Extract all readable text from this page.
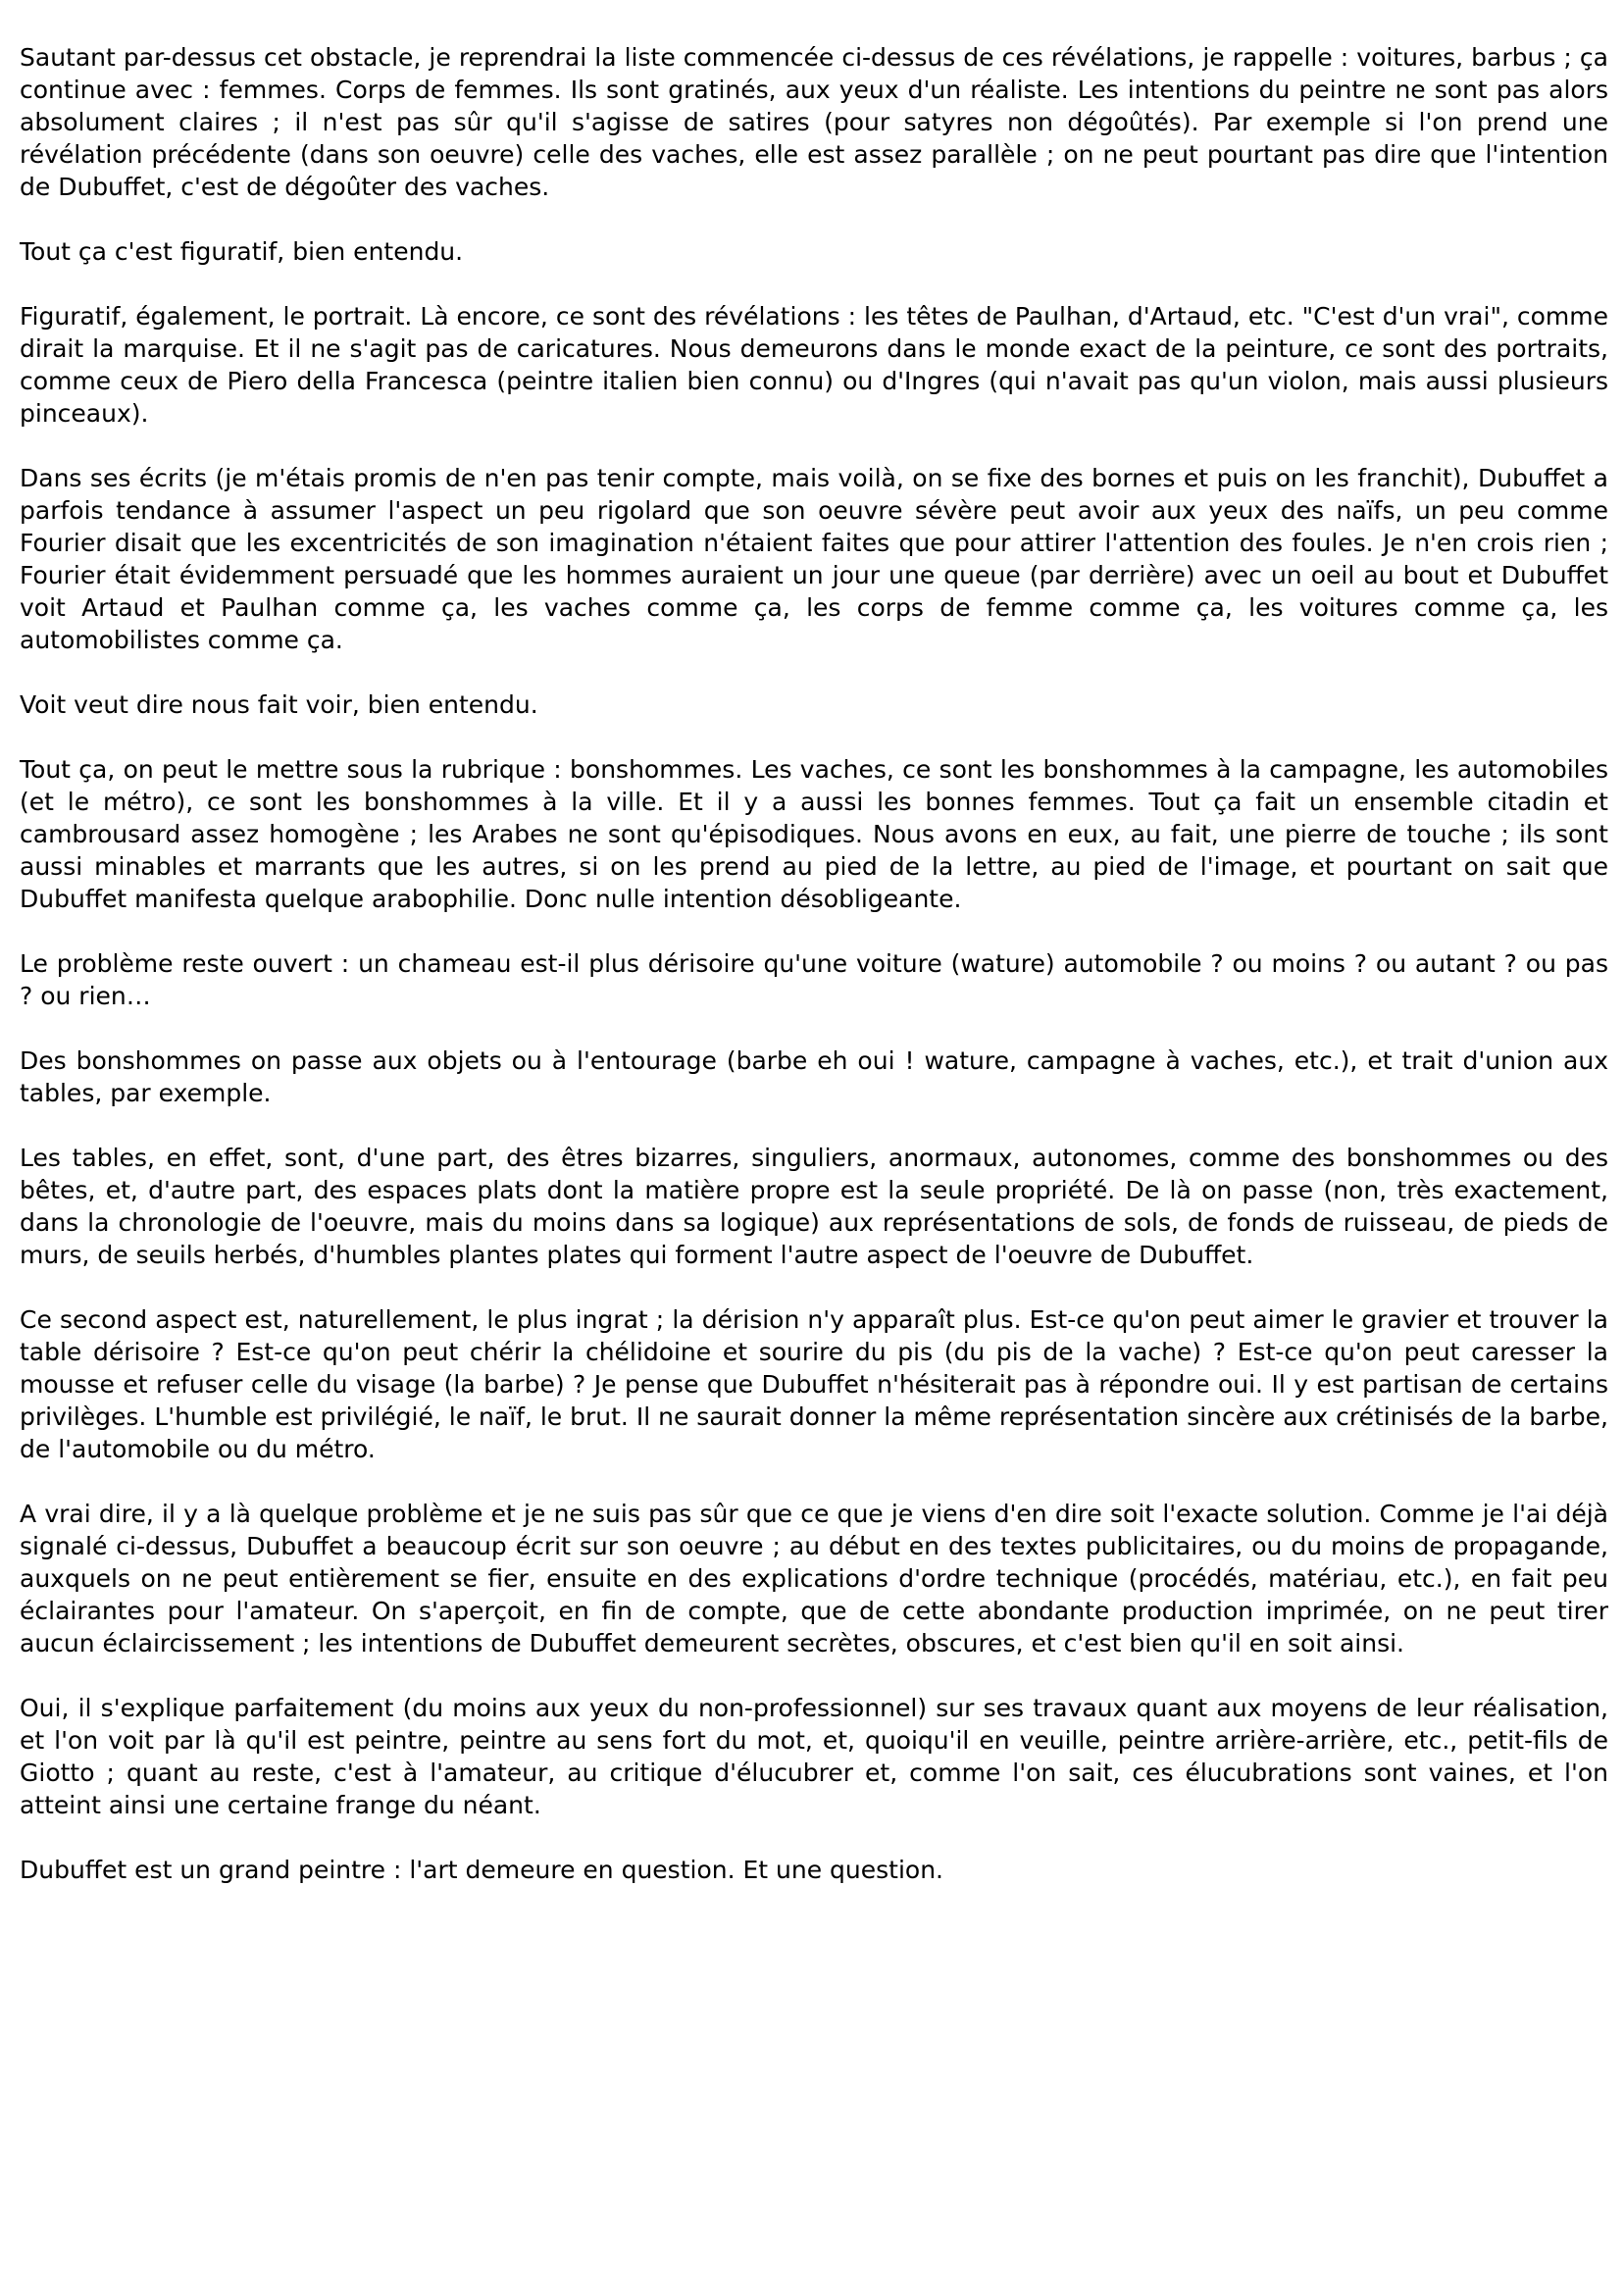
Sautant par-dessus cet obstacle, je reprendrai la liste commencée ci-dessus de ces révélations, je rappelle : voitures, barbus ; ça continue avec : femmes. Corps de femmes. Ils sont gratinés, aux yeux d'un réaliste. Les intentions du peintre ne sont pas alors absolument claires ; il n'est pas sûr qu'il s'agisse de satires (pour satyres non dégoûtés). Par exemple si l'on prend une révélation précédente (dans son oeuvre) celle des vaches, elle est assez parallèle ; on ne peut pourtant pas dire que l'intention de Dubuffet, c'est de dégoûter des vaches.

Tout ça c'est figuratif, bien entendu.

Figuratif, également, le portrait. Là encore, ce sont des révélations : les têtes de Paulhan, d'Artaud, etc. "C'est d'un vrai", comme dirait la marquise. Et il ne s'agit pas de caricatures. Nous demeurons dans le monde exact de la peinture, ce sont des portraits, comme ceux de Piero della Francesca (peintre italien bien connu) ou d'Ingres (qui n'avait pas qu'un violon, mais aussi plusieurs pinceaux).

Dans ses écrits (je m'étais promis de n'en pas tenir compte, mais voilà, on se fixe des bornes et puis on les franchit), Dubuffet a parfois tendance à assumer l'aspect un peu rigolard que son oeuvre sévère peut avoir aux yeux des naïfs, un peu comme Fourier disait que les excentricités de son imagination n'étaient faites que pour attirer l'attention des foules. Je n'en crois rien ; Fourier était évidemment persuadé que les hommes auraient un jour une queue (par derrière) avec un oeil au bout et Dubuffet voit Artaud et Paulhan comme ça, les vaches comme ça, les corps de femme comme ça, les voitures comme ça, les automobilistes comme ça.

Voit veut dire nous fait voir, bien entendu.

Tout ça, on peut le mettre sous la rubrique : bonshommes. Les vaches, ce sont les bonshommes à la campagne, les automobiles (et le métro), ce sont les bonshommes à la ville. Et il y a aussi les bonnes femmes. Tout ça fait un ensemble citadin et cambrousard assez homogène ; les Arabes ne sont qu'épisodiques. Nous avons en eux, au fait, une pierre de touche ; ils sont aussi minables et marrants que les autres, si on les prend au pied de la lettre, au pied de l'image, et pourtant on sait que Dubuffet manifesta quelque arabophilie. Donc nulle intention désobligeante.

Le problème reste ouvert : un chameau est-il plus dérisoire qu'une voiture (wature) automobile ? ou moins ? ou autant ? ou pas ? ou rien…

Des bonshommes on passe aux objets ou à l'entourage (barbe eh oui ! wature, campagne à vaches, etc.), et trait d'union aux tables, par exemple.

Les tables, en effet, sont, d'une part, des êtres bizarres, singuliers, anormaux, autonomes, comme des bonshommes ou des bêtes, et, d'autre part, des espaces plats dont la matière propre est la seule propriété. De là on passe (non, très exactement, dans la chronologie de l'oeuvre, mais du moins dans sa logique) aux représentations de sols, de fonds de ruisseau, de pieds de murs, de seuils herbés, d'humbles plantes plates qui forment l'autre aspect de l'oeuvre de Dubuffet.

Ce second aspect est, naturellement, le plus ingrat ; la dérision n'y apparaît plus. Est-ce qu'on peut aimer le gravier et trouver la table dérisoire ? Est-ce qu'on peut chérir la chélidoine et sourire du pis (du pis de la vache) ? Est-ce qu'on peut caresser la mousse et refuser celle du visage (la barbe) ? Je pense que Dubuffet n'hésiterait pas à répondre oui. Il y est partisan de certains privilèges. L'humble est privilégié, le naïf, le brut. Il ne saurait donner la même représentation sincère aux crétinisés de la barbe, de l'automobile ou du métro.

A vrai dire, il y a là quelque problème et je ne suis pas sûr que ce que je viens d'en dire soit l'exacte solution. Comme je l'ai déjà signalé ci-dessus, Dubuffet a beaucoup écrit sur son oeuvre ; au début en des textes publicitaires, ou du moins de propagande, auxquels on ne peut entièrement se fier, ensuite en des explications d'ordre technique (procédés, matériau, etc.), en fait peu éclairantes pour l'amateur. On s'aperçoit, en fin de compte, que de cette abondante production imprimée, on ne peut tirer aucun éclaircissement ; les intentions de Dubuffet demeurent secrètes, obscures, et c'est bien qu'il en soit ainsi.

Oui, il s'explique parfaitement (du moins aux yeux du non-professionnel) sur ses travaux quant aux moyens de leur réalisation, et l'on voit par là qu'il est peintre, peintre au sens fort du mot, et, quoiqu'il en veuille, peintre arrière-arrière, etc., petit-fils de Giotto ; quant au reste, c'est à l'amateur, au critique d'élucubrer et, comme l'on sait, ces élucubrations sont vaines, et l'on atteint ainsi une certaine frange du néant.

Dubuffet est un grand peintre : l'art demeure en question. Et une question.
